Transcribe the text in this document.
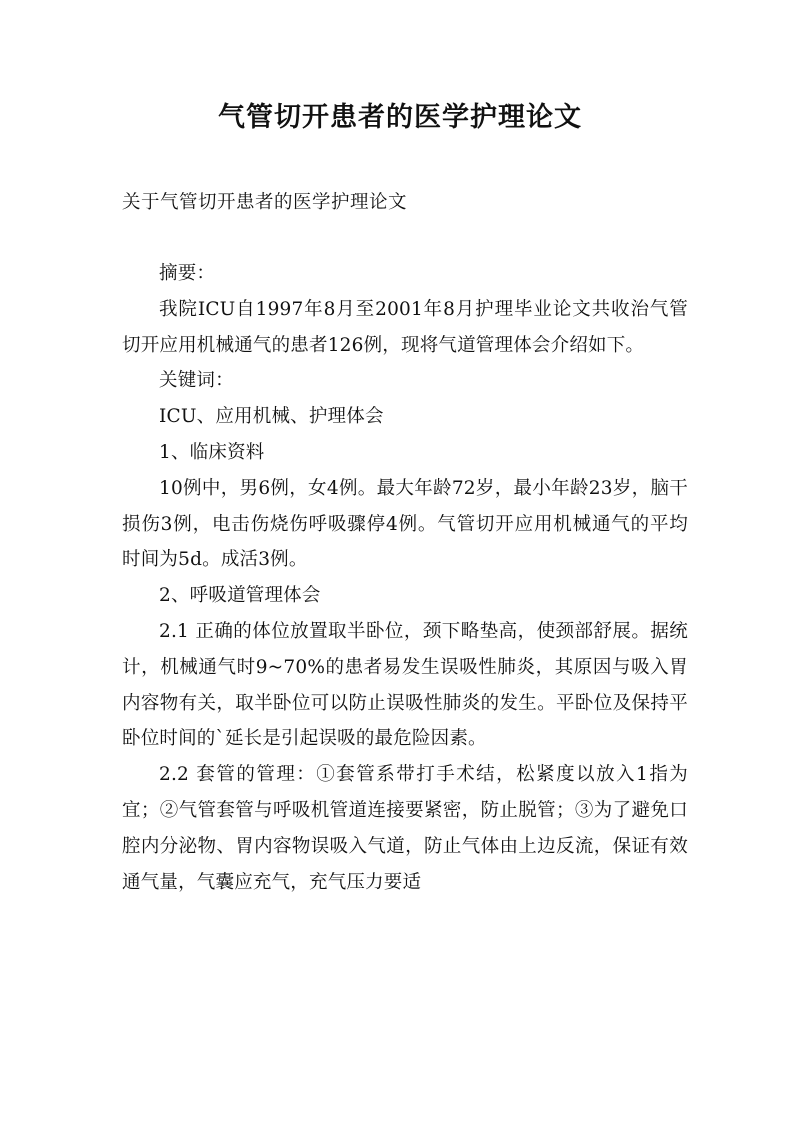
气管切开患者的医学护理论文

关于气管切开患者的医学护理论文

摘要：

我院ICU自1997年8月至2001年8月护理毕业论文共收治气管切开应用机械通气的患者126例，现将气道管理体会介绍如下。

关键词：

ICU、应用机械、护理体会

1、临床资料

10例中，男6例，女4例。最大年龄72岁，最小年龄23岁，脑干损伤3例，电击伤烧伤呼吸骤停4例。气管切开应用机械通气的平均时间为5d。成活3例。

2、呼吸道管理体会

2.1 正确的体位放置取半卧位，颈下略垫高，使颈部舒展。据统计，机械通气时9~70%的患者易发生误吸性肺炎，其原因与吸入胃内容物有关，取半卧位可以防止误吸性肺炎的发生。平卧位及保持平卧位时间的`延长是引起误吸的最危险因素。

2.2 套管的管理：①套管系带打手术结，松紧度以放入1指为宜；②气管套管与呼吸机管道连接要紧密，防止脱管；③为了避免口腔内分泌物、胃内容物误吸入气道，防止气体由上边反流，保证有效通气量，气囊应充气，充气压力要适
